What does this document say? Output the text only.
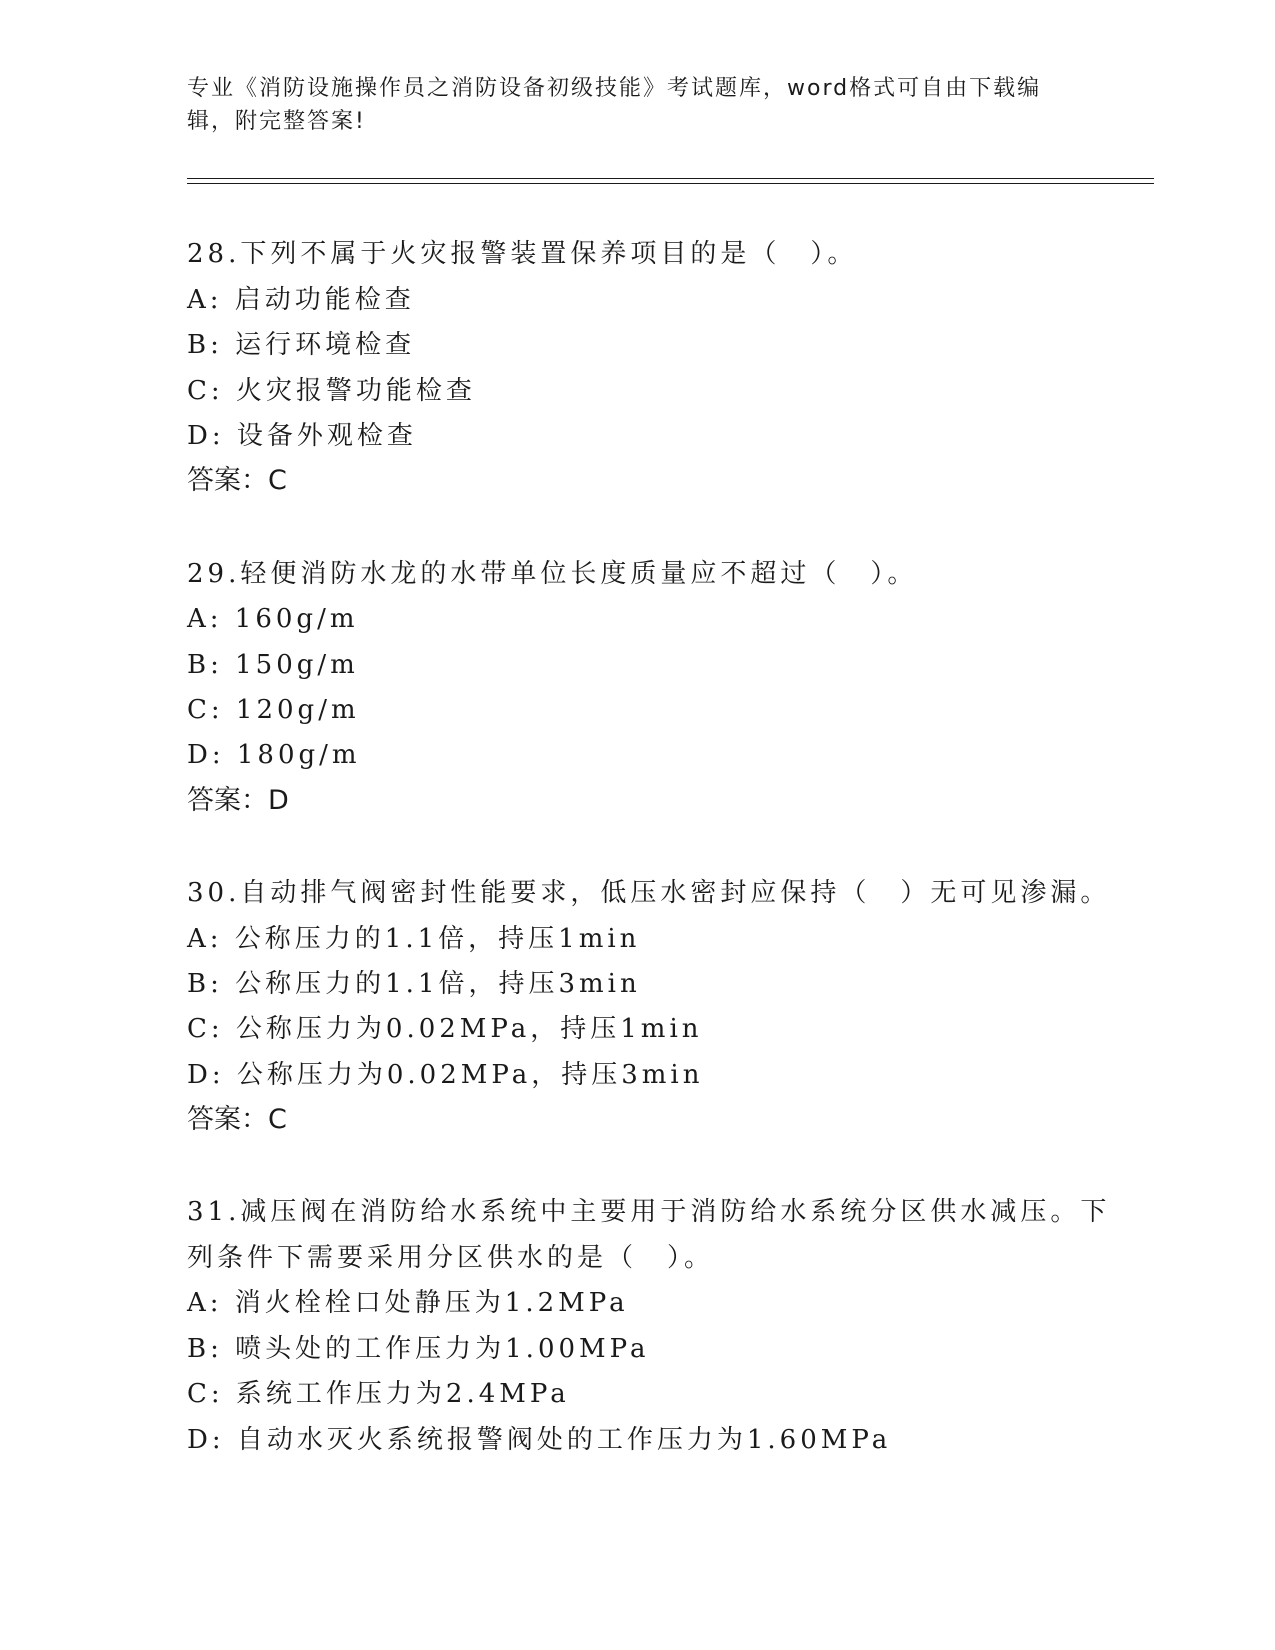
专业《消防设施操作员之消防设备初级技能》考试题库，word格式可自由下载编
辑，附完整答案!
28.下列不属于火灾报警装置保养项目的是（　）。
A: 启动功能检查
B: 运行环境检查
C: 火灾报警功能检查
D: 设备外观检查
答案：C
29.轻便消防水龙的水带单位长度质量应不超过（　）。
A: 160g/m
B: 150g/m
C: 120g/m
D: 180g/m
答案：D
30.自动排气阀密封性能要求，低压水密封应保持（　）无可见渗漏。
A: 公称压力的1.1倍，持压1min
B: 公称压力的1.1倍，持压3min
C: 公称压力为0.02MPa，持压1min
D: 公称压力为0.02MPa，持压3min
答案：C
31.减压阀在消防给水系统中主要用于消防给水系统分区供水减压。下
列条件下需要采用分区供水的是（　）。
A: 消火栓栓口处静压为1.2MPa
B: 喷头处的工作压力为1.00MPa
C: 系统工作压力为2.4MPa
D: 自动水灭火系统报警阀处的工作压力为1.60MPa
